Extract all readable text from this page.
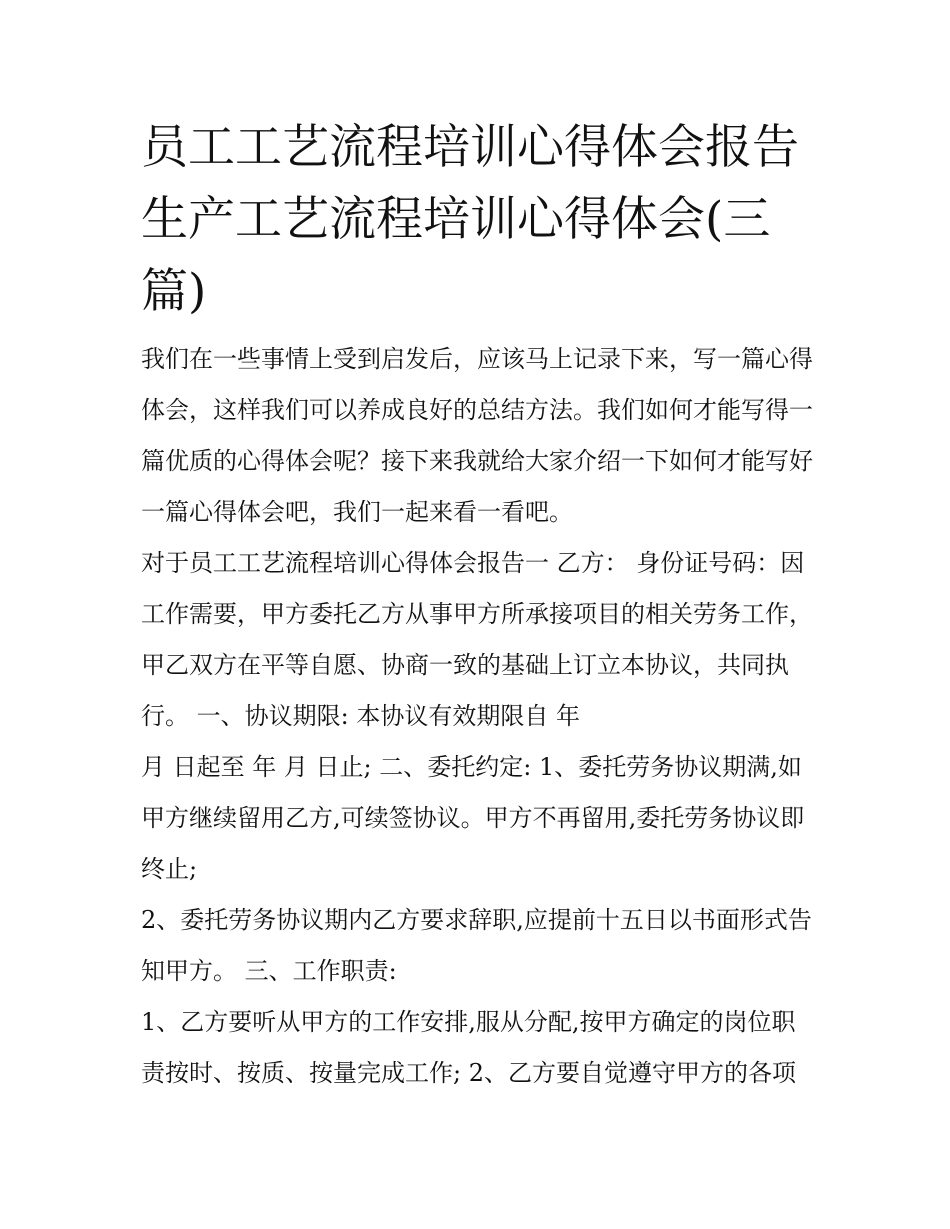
员工工艺流程培训心得体会报告 生产工艺流程培训心得体会(三篇)

我们在一些事情上受到启发后，应该马上记录下来，写一篇心得体会，这样我们可以养成良好的总结方法。我们如何才能写得一篇优质的心得体会呢？接下来我就给大家介绍一下如何才能写好一篇心得体会吧，我们一起来看一看吧。

对于员工工艺流程培训心得体会报告一 乙方： 身份证号码：因工作需要，甲方委托乙方从事甲方所承接项目的相关劳务工作，甲乙双方在平等自愿、协商一致的基础上订立本协议，共同执行。 一、协议期限: 本协议有效期限自 年

月 日起至 年 月 日止; 二、委托约定: 1、委托劳务协议期满,如甲方继续留用乙方,可续签协议。甲方不再留用,委托劳务协议即终止;

2、委托劳务协议期内乙方要求辞职,应提前十五日以书面形式告知甲方。 三、工作职责:

1、乙方要听从甲方的工作安排,服从分配,按甲方确定的岗位职责按时、按质、按量完成工作; 2、乙方要自觉遵守甲方的各项
